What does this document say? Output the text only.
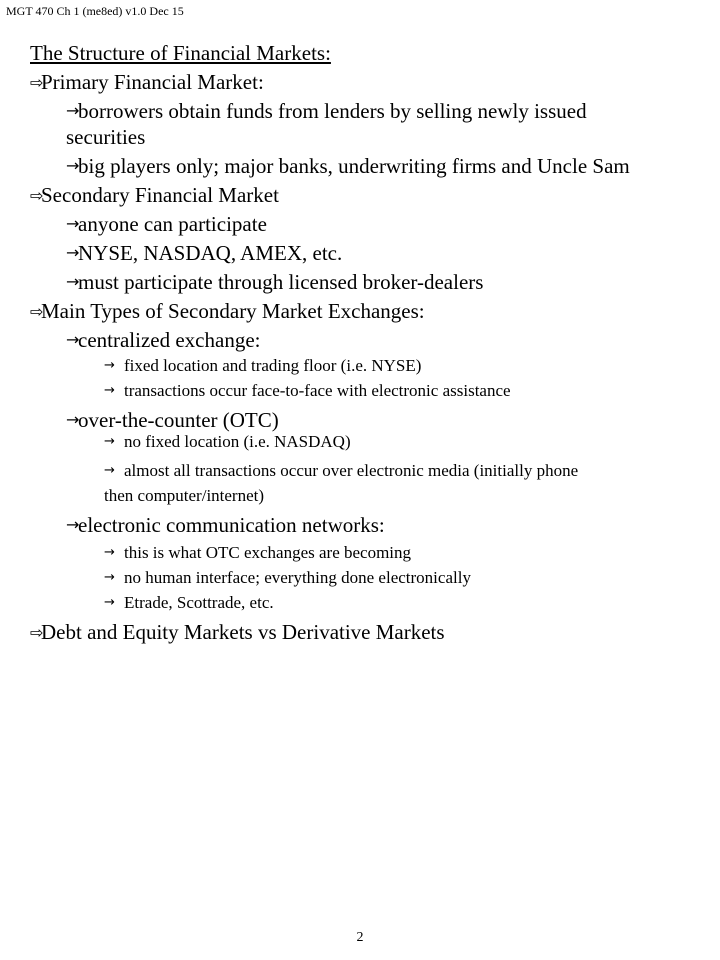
MGT 470 Ch 1 (me8ed) v1.0 Dec 15
The Structure of Financial Markets:
⇨
Primary Financial Market:
→
borrowers obtain funds from lenders by selling newly issued
securities
→
big players only; major banks, underwriting firms and Uncle Sam
⇨
Secondary Financial Market
→
anyone can participate
→
NYSE, NASDAQ, AMEX, etc.
→
must participate through licensed broker-dealers
⇨
Main Types of Secondary Market Exchanges:
→
centralized exchange:
→ fixed location and trading floor (i.e. NYSE)
→ transactions occur face-to-face with electronic assistance
→
over-the-counter (OTC)
→ no fixed location (i.e. NASDAQ)
→ almost all transactions occur over electronic media (initially phone
then computer/internet)
→
electronic communication networks:
→ this is what OTC exchanges are becoming
→ no human interface; everything done electronically
→ Etrade, Scottrade, etc.
⇨
Debt and Equity Markets vs Derivative Markets
2
